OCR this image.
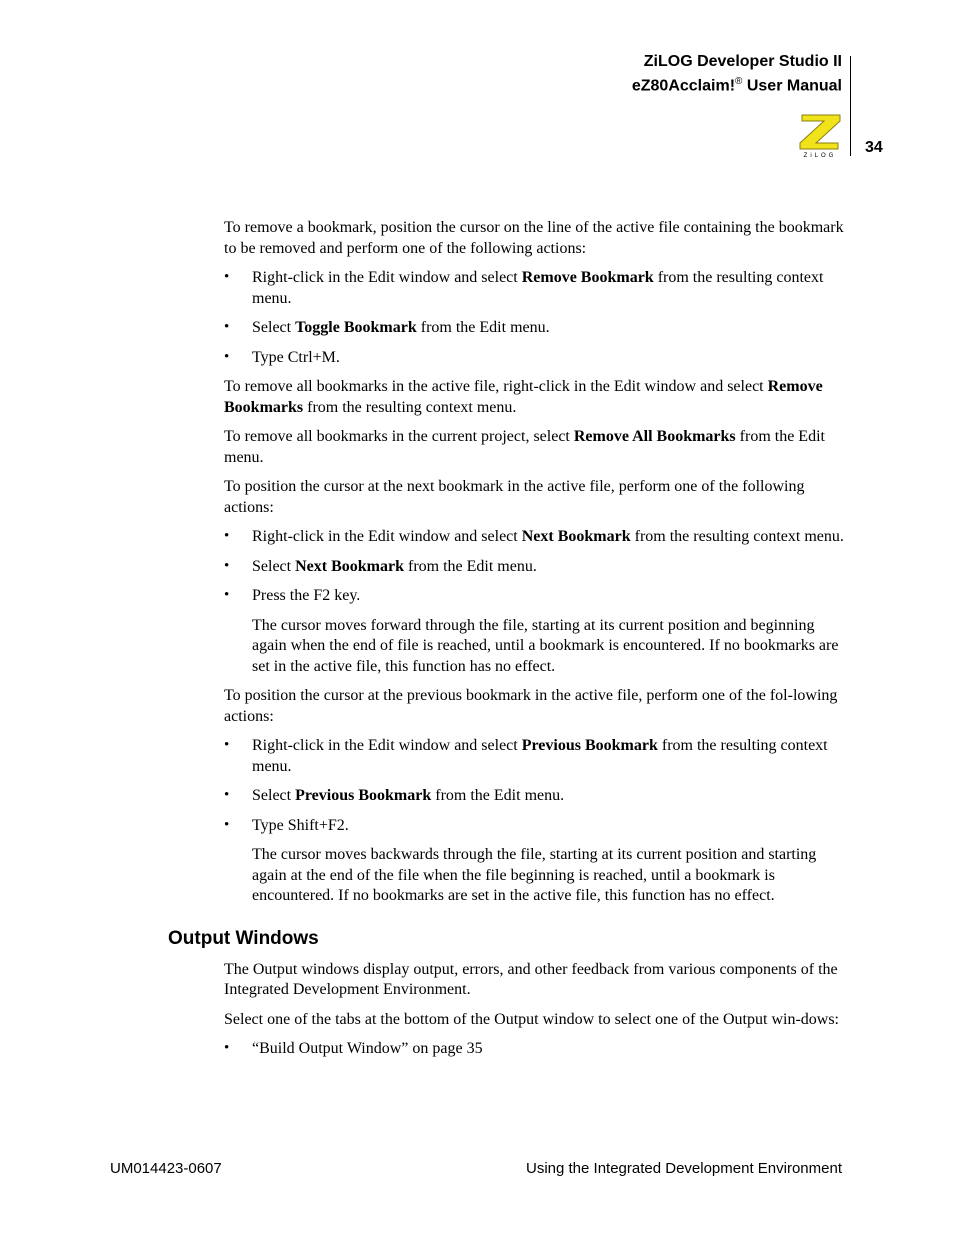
ZiLOG Developer Studio II
eZ80Acclaim!® User Manual
ZiLOG 34

To remove a bookmark, position the cursor on the line of the active file containing the bookmark to be removed and perform one of the following actions:

• Right-click in the Edit window and select Remove Bookmark from the resulting context menu.
• Select Toggle Bookmark from the Edit menu.
• Type Ctrl+M.

To remove all bookmarks in the active file, right-click in the Edit window and select Remove Bookmarks from the resulting context menu.

To remove all bookmarks in the current project, select Remove All Bookmarks from the Edit menu.

To position the cursor at the next bookmark in the active file, perform one of the following actions:

• Right-click in the Edit window and select Next Bookmark from the resulting context menu.
• Select Next Bookmark from the Edit menu.
• Press the F2 key.

The cursor moves forward through the file, starting at its current position and beginning again when the end of file is reached, until a bookmark is encountered. If no bookmarks are set in the active file, this function has no effect.

To position the cursor at the previous bookmark in the active file, perform one of the fol-lowing actions:

• Right-click in the Edit window and select Previous Bookmark from the resulting context menu.
• Select Previous Bookmark from the Edit menu.
• Type Shift+F2.

The cursor moves backwards through the file, starting at its current position and starting again at the end of the file when the file beginning is reached, until a bookmark is encountered. If no bookmarks are set in the active file, this function has no effect.

Output Windows

The Output windows display output, errors, and other feedback from various components of the Integrated Development Environment.

Select one of the tabs at the bottom of the Output window to select one of the Output win-dows:

• “Build Output Window” on page 35
UM014423-0607	Using the Integrated Development Environment
